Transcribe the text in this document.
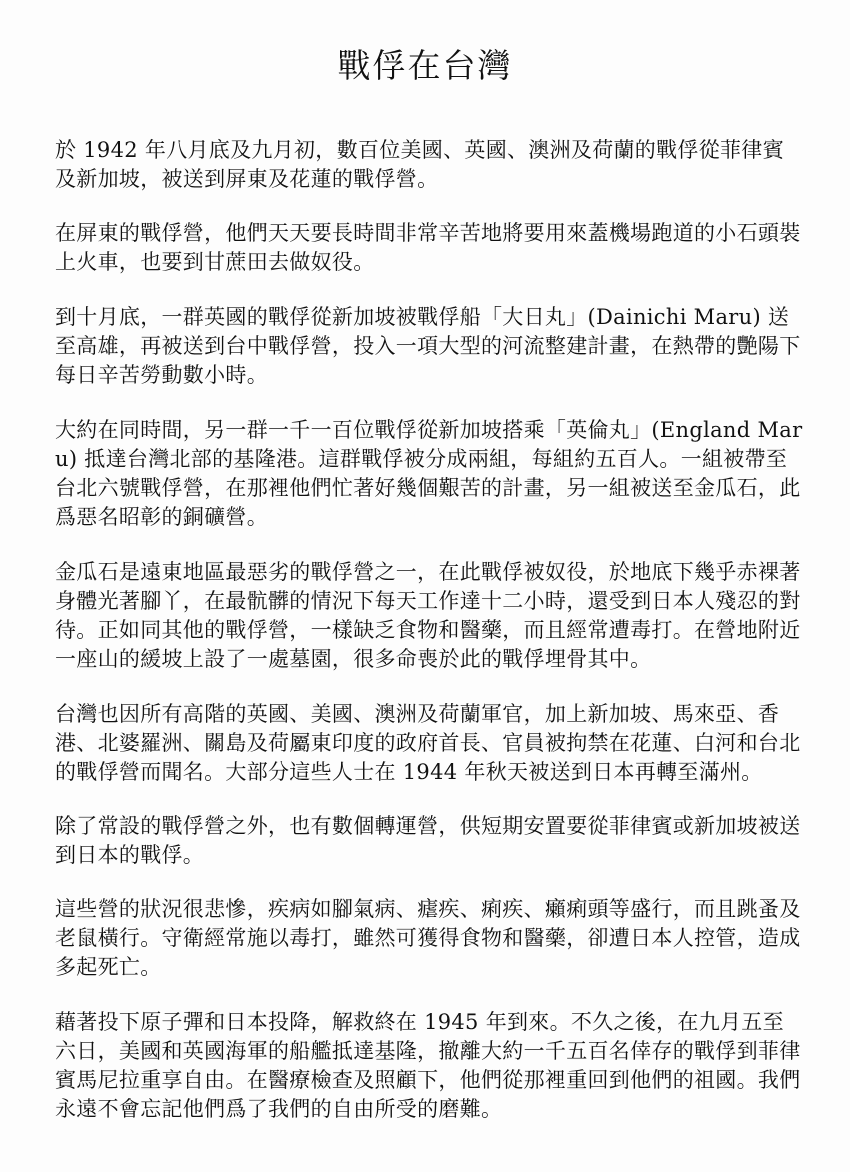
戰俘在台灣

於 1942 年八月底及九月初，數百位美國、英國、澳洲及荷蘭的戰俘從菲律賓及新加坡，被送到屏東及花蓮的戰俘營。

在屏東的戰俘營，他們天天要長時間非常辛苦地將要用來蓋機場跑道的小石頭裝上火車，也要到甘蔗田去做奴役。

到十月底，一群英國的戰俘從新加坡被戰俘船「大日丸」(Dainichi Maru) 送至高雄，再被送到台中戰俘營，投入一項大型的河流整建計畫，在熱帶的艷陽下每日辛苦勞動數小時。

大約在同時間，另一群一千一百位戰俘從新加坡搭乘「英倫丸」(England Maru) 抵達台灣北部的基隆港。這群戰俘被分成兩組，每組約五百人。一組被帶至台北六號戰俘營，在那裡他們忙著好幾個艱苦的計畫，另一組被送至金瓜石，此爲惡名昭彰的銅礦營。

金瓜石是遠東地區最惡劣的戰俘營之一，在此戰俘被奴役，於地底下幾乎赤裸著身體光著腳丫，在最骯髒的情況下每天工作達十二小時，還受到日本人殘忍的對待。正如同其他的戰俘營，一樣缺乏食物和醫藥，而且經常遭毒打。在營地附近一座山的緩坡上設了一處墓園，很多命喪於此的戰俘埋骨其中。

台灣也因所有高階的英國、美國、澳洲及荷蘭軍官，加上新加坡、馬來亞、香港、北婆羅洲、關島及荷屬東印度的政府首長、官員被拘禁在花蓮、白河和台北的戰俘營而聞名。大部分這些人士在 1944 年秋天被送到日本再轉至滿州。

除了常設的戰俘營之外，也有數個轉運營，供短期安置要從菲律賓或新加坡被送到日本的戰俘。

這些營的狀況很悲慘，疾病如腳氣病、瘧疾、痢疾、癩痢頭等盛行，而且跳蚤及老鼠橫行。守衛經常施以毒打，雖然可獲得食物和醫藥，卻遭日本人控管，造成多起死亡。

藉著投下原子彈和日本投降，解救終在 1945 年到來。不久之後，在九月五至六日，美國和英國海軍的船艦抵達基隆，撤離大約一千五百名倖存的戰俘到菲律賓馬尼拉重享自由。在醫療檢查及照顧下，他們從那裡重回到他們的祖國。我們永遠不會忘記他們爲了我們的自由所受的磨難。
